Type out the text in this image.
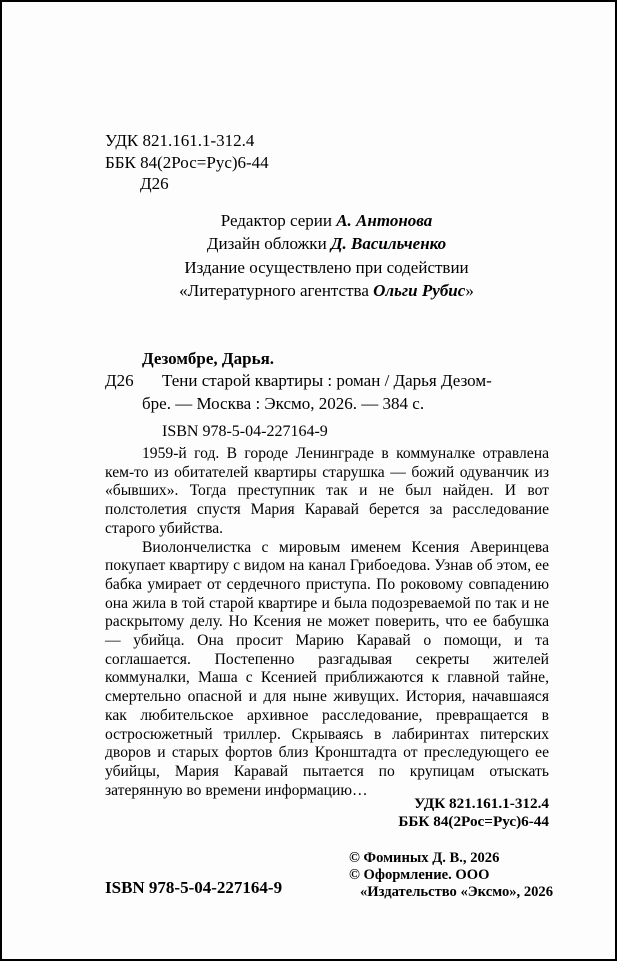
УДК 821.161.1-312.4
ББК 84(2Рос=Рус)6-44
Д26
Редактор серии А. Антонова
Дизайн обложки Д. Васильченко
Издание осуществлено при содействии
«Литературного агентства Ольги Рубис»
Дезомбре, Дарья.
Д26	Тени старой квартиры : роман / Дарья Дезом-
бре. — Москва : Эксмо, 2026. — 384 с.
ISBN 978-5-04-227164-9

1959-й год. В городе Ленинграде в коммуналке отравлена кем-то из обитателей квартиры старушка — божий одуванчик из «бывших». Тогда преступник так и не был найден. И вот полстолетия спустя Мария Каравай берется за расследование старого убийства.

Виолончелистка с мировым именем Ксения Аверинцева покупает квартиру с видом на канал Грибоедова. Узнав об этом, ее бабка умирает от сердечного приступа. По роковому совпадению она жила в той старой квартире и была подозреваемой по так и не раскрытому делу. Но Ксения не может поверить, что ее бабушка — убийца. Она просит Марию Каравай о помощи, и та соглашается. Постепенно разгадывая секреты жителей коммуналки, Маша с Ксенией приближаются к главной тайне, смертельно опасной и для ныне живущих. История, начавшаяся как любительское архивное расследование, превращается в остросюжетный триллер. Скрываясь в лабиринтах питерских дворов и старых фортов близ Кронштадта от преследующего ее убийцы, Мария Каравай пытается по крупицам отыскать затерянную во времени информацию…

УДК 821.161.1-312.4
ББК 84(2Рос=Рус)6-44
© Фоминых Д. В., 2026
© Оформление. ООО
«Издательство «Эксмо», 2026
ISBN 978-5-04-227164-9
